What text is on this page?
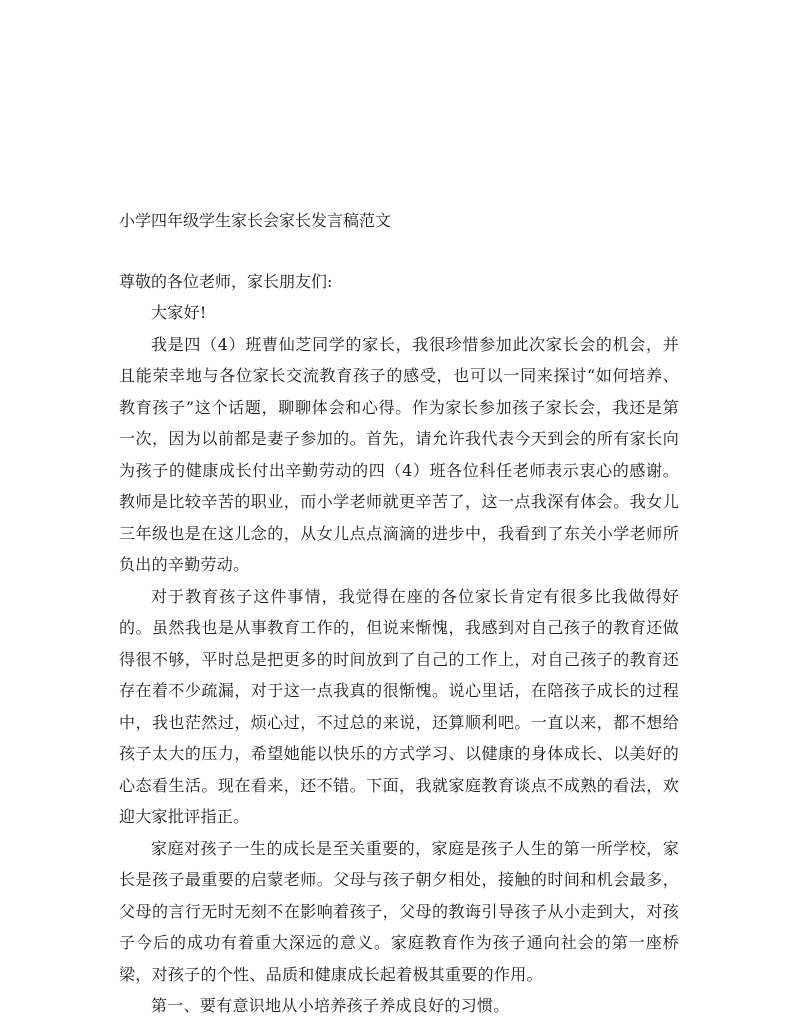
小学四年级学生家长会家长发言稿范文
尊敬的各位老师，家长朋友们:

大家好!

我是四（4）班曹仙芝同学的家长，我很珍惜参加此次家长会的机会，并且能荣幸地与各位家长交流教育孩子的感受，也可以一同来探讨“如何培养、教育孩子”这个话题，聊聊体会和心得。作为家长参加孩子家长会，我还是第一次，因为以前都是妻子参加的。首先，请允许我代表今天到会的所有家长向为孩子的健康成长付出辛勤劳动的四（4）班各位科任老师表示衷心的感谢。教师是比较辛苦的职业，而小学老师就更辛苦了，这一点我深有体会。我女儿三年级也是在这儿念的，从女儿点点滴滴的进步中，我看到了东关小学老师所负出的辛勤劳动。

对于教育孩子这件事情，我觉得在座的各位家长肯定有很多比我做得好的。虽然我也是从事教育工作的，但说来惭愧，我感到对自己孩子的教育还做得很不够，平时总是把更多的时间放到了自己的工作上，对自己孩子的教育还存在着不少疏漏，对于这一点我真的很惭愧。说心里话，在陪孩子成长的过程中，我也茫然过，烦心过，不过总的来说，还算顺利吧。一直以来，都不想给孩子太大的压力，希望她能以快乐的方式学习、以健康的身体成长、以美好的心态看生活。现在看来，还不错。下面，我就家庭教育谈点不成熟的看法，欢迎大家批评指正。

家庭对孩子一生的成长是至关重要的，家庭是孩子人生的第一所学校，家长是孩子最重要的启蒙老师。父母与孩子朝夕相处，接触的时间和机会最多，父母的言行无时无刻不在影响着孩子，父母的教诲引导孩子从小走到大，对孩子今后的成功有着重大深远的意义。家庭教育作为孩子通向社会的第一座桥梁，对孩子的个性、品质和健康成长起着极其重要的作用。

第一、要有意识地从小培养孩子养成良好的习惯。
